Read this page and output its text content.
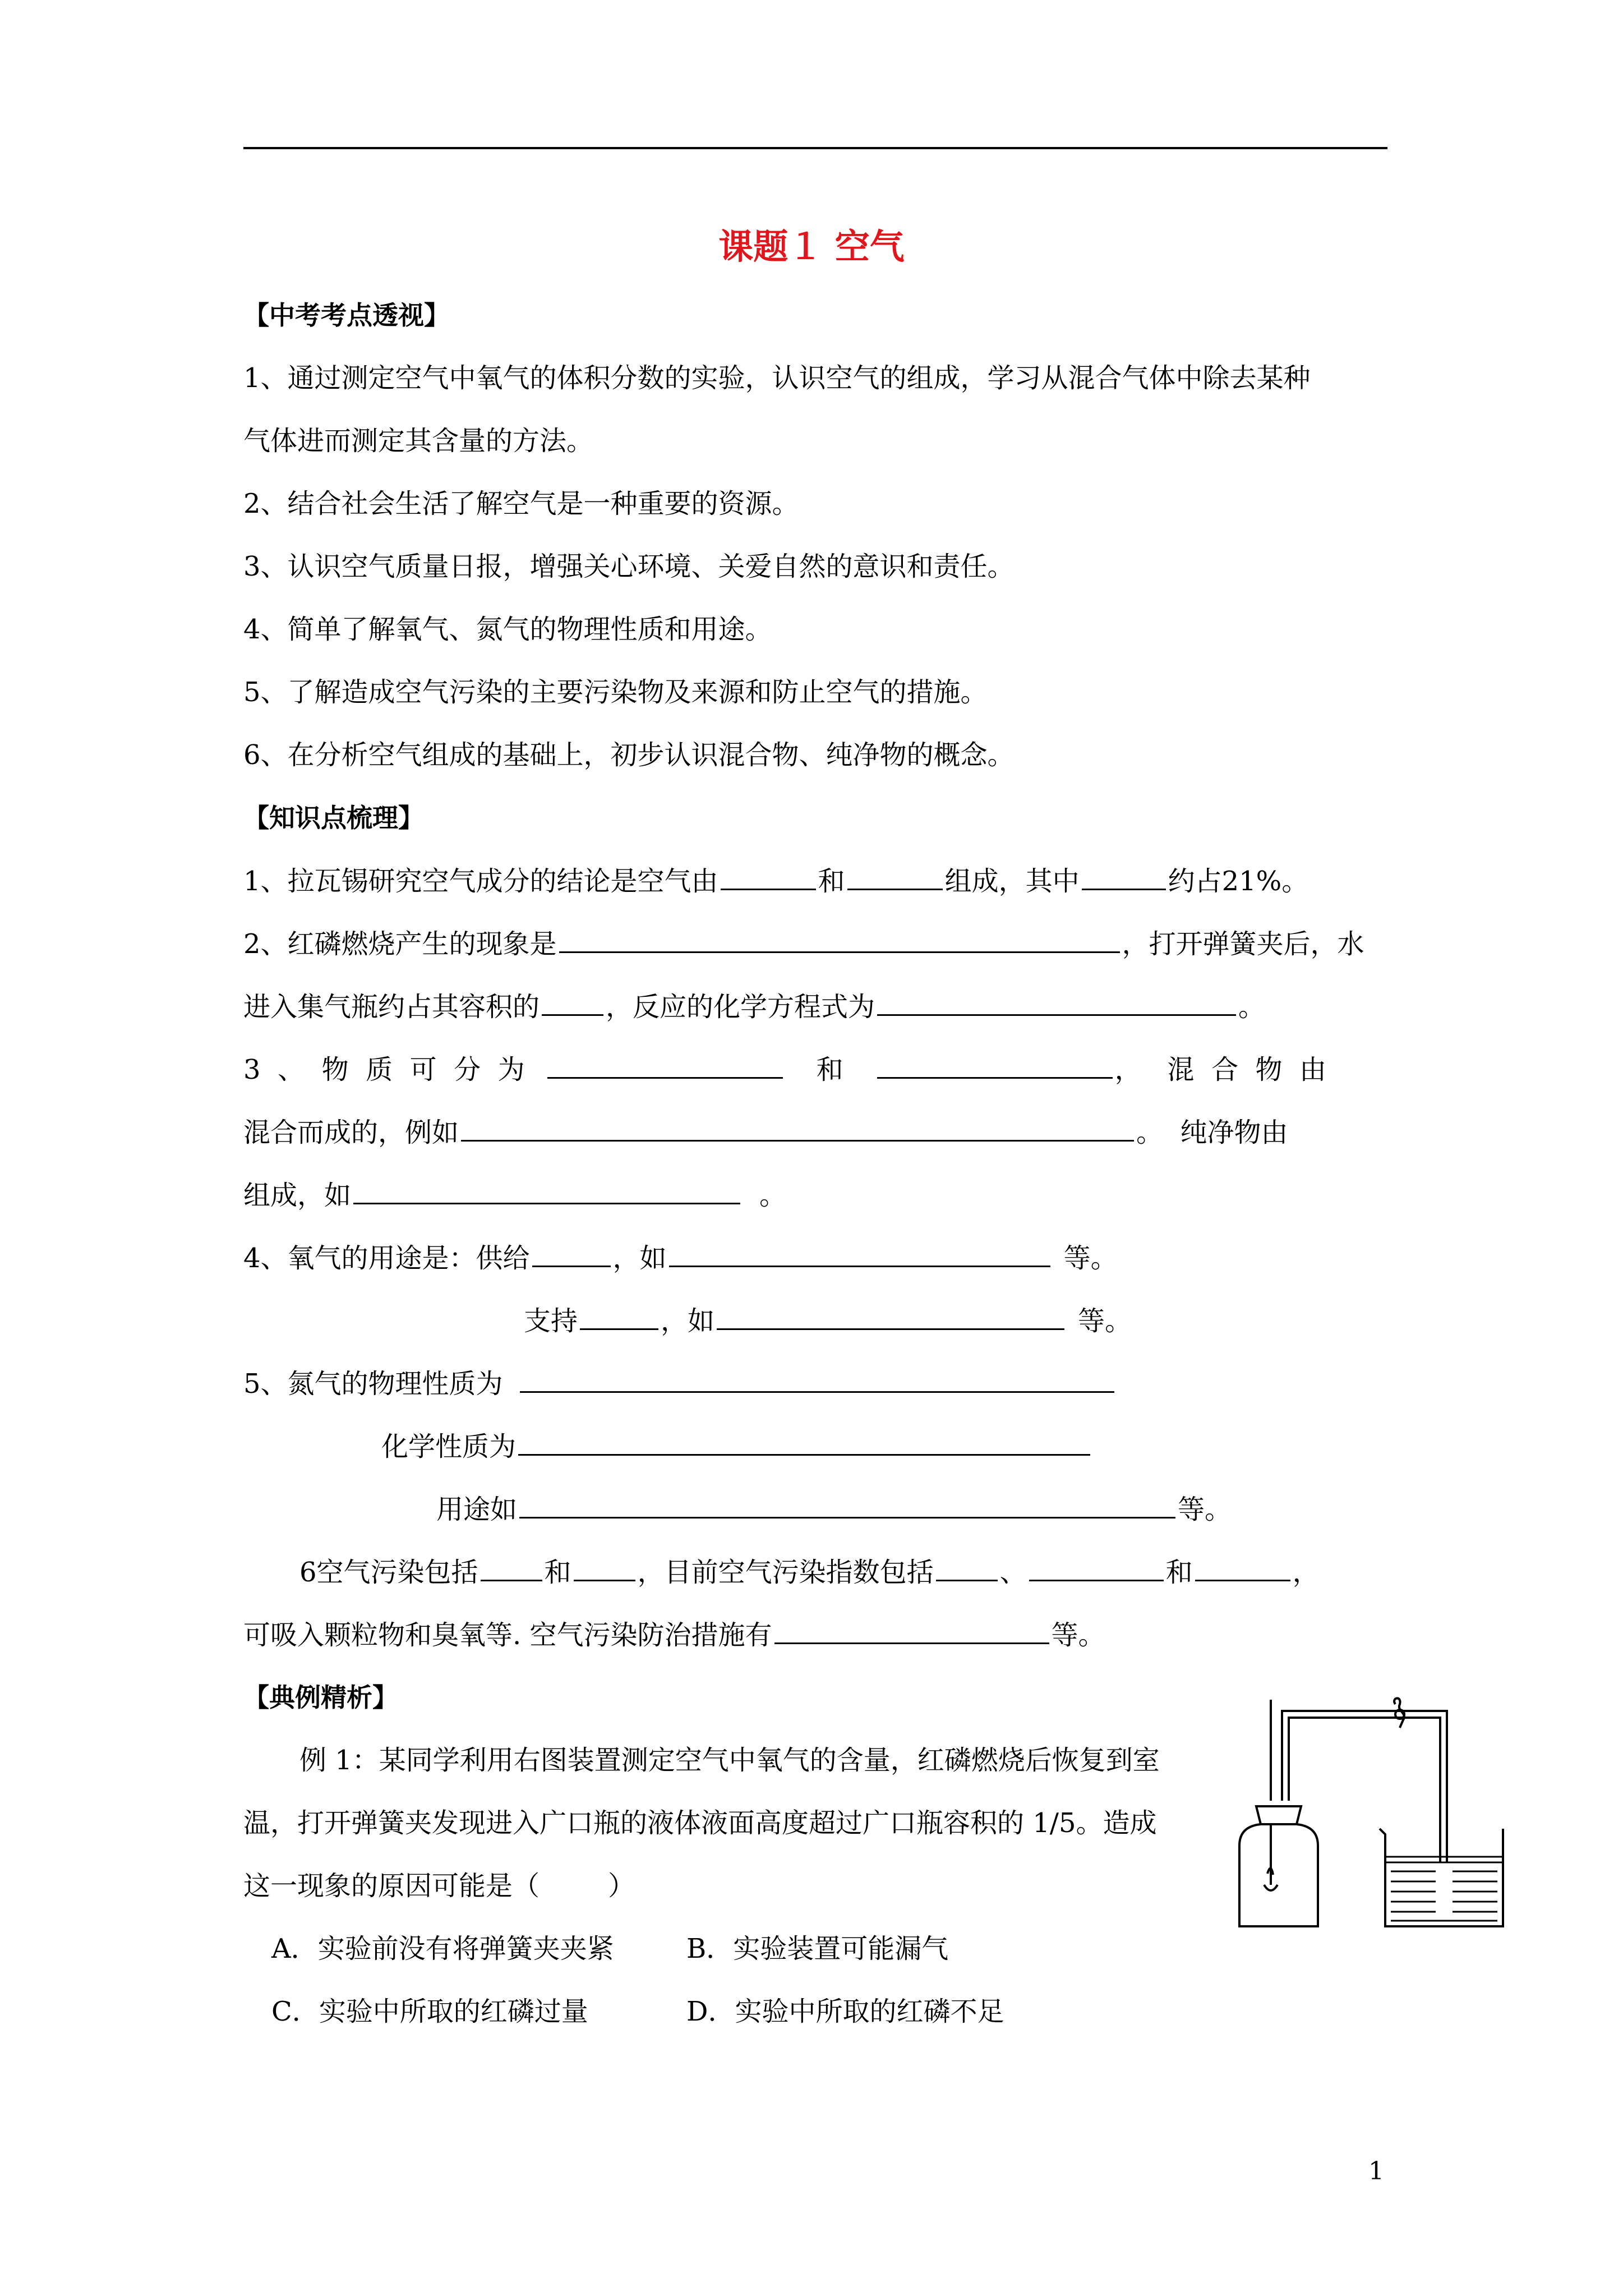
课题１ 空气
【中考考点透视】
1、通过测定空气中氧气的体积分数的实验，认识空气的组成，学习从混合气体中除去某种
气体进而测定其含量的方法。
2、结合社会生活了解空气是一种重要的资源。
3、认识空气质量日报，增强关心环境、关爱自然的意识和责任。
4、简单了解氧气、氮气的物理性质和用途。
5、了解造成空气污染的主要污染物及来源和防止空气的措施。
6、在分析空气组成的基础上，初步认识混合物、纯净物的概念。
【知识点梳理】
1、拉瓦锡研究空气成分的结论是空气由	和	组成，其中	约占21%。
2、红磷燃烧产生的现象是	，打开弹簧夹后，水
进入集气瓶约占其容积的 ，反应的化学方程式为	。
3  、  物  质  可  分  为	和	，   混  合  物  由
混合而成的，例如	。  纯净物由
组成，如	。
4、氧气的用途是：供给	，如	等。
支持	，如	等。
5、氮气的物理性质为
化学性质为
用途如	等。
6空气污染包括 和 ，目前空气污染指数包括 、	和	，
可吸入颗粒物和臭氧等. 空气污染防治措施有	等。
【典例精析】
例 1：某同学利用右图装置测定空气中氧气的含量，红磷燃烧后恢复到室
温，打开弹簧夹发现进入广口瓶的液体液面高度超过广口瓶容积的 1/5。造成
这一现象的原因可能是（        ）
A．实验前没有将弹簧夹夹紧	B．实验装置可能漏气
C．实验中所取的红磷过量	D．实验中所取的红磷不足
1
